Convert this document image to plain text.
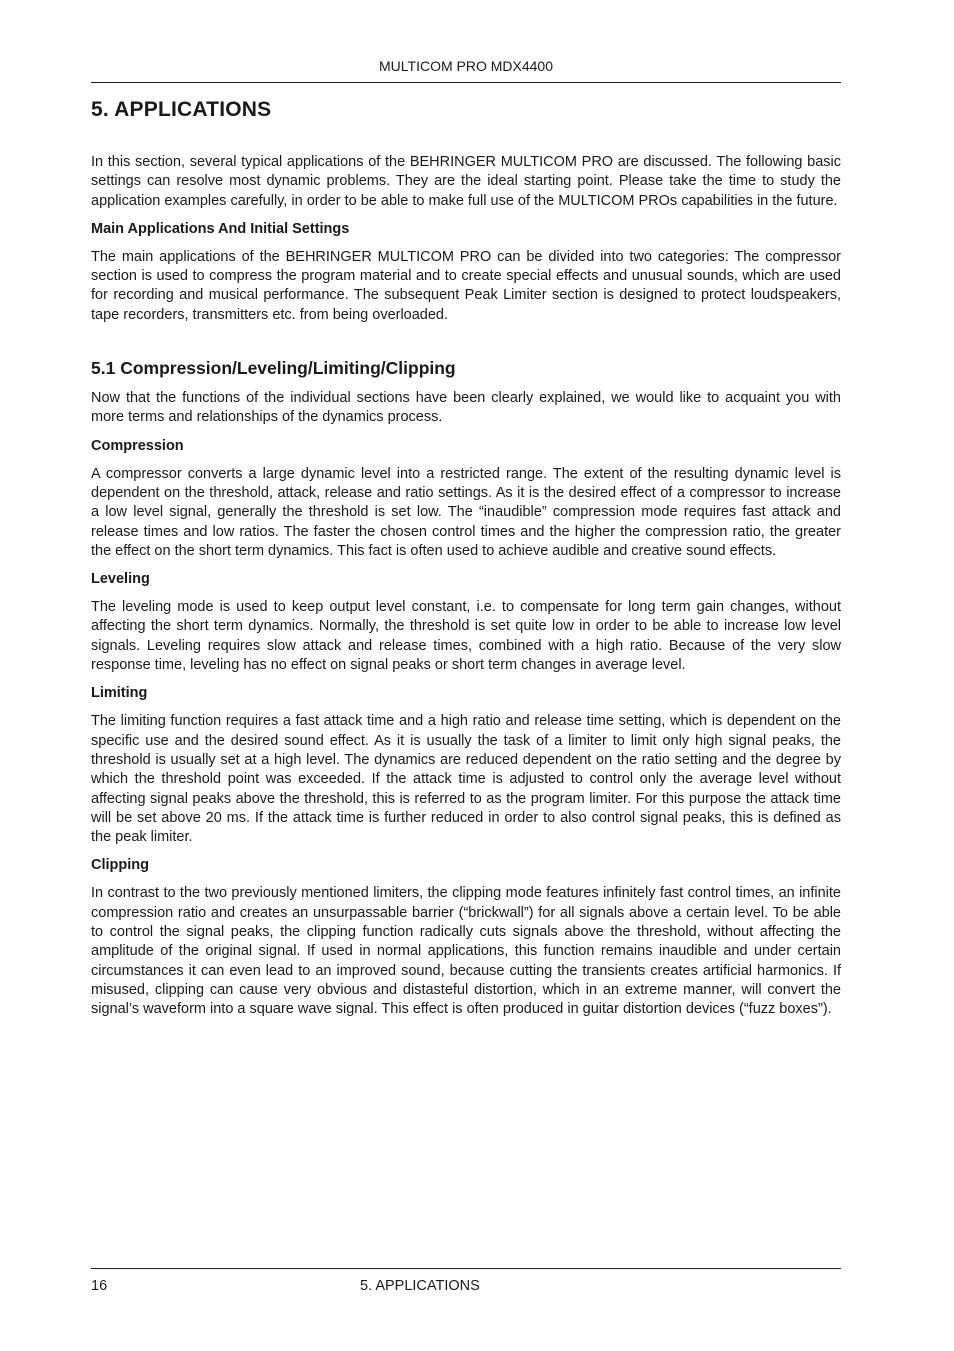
MULTICOM PRO MDX4400
5. APPLICATIONS

In this section, several typical applications of the BEHRINGER MULTICOM PRO are discussed. The following basic settings can resolve most dynamic problems. They are the ideal starting point. Please take the time to study the application examples carefully, in order to be able to make full use of the MULTICOM PROs capabilities in the future.

Main Applications And Initial Settings

The main applications of the BEHRINGER MULTICOM PRO can be divided into two categories: The compressor section is used to compress the program material and to create special effects and unusual sounds, which are used for recording and musical performance. The subsequent Peak Limiter section is designed to protect loudspeakers, tape recorders, transmitters etc. from being overloaded.

5.1 Compression/Leveling/Limiting/Clipping

Now that the functions of the individual sections have been clearly explained, we would like to acquaint you with more terms and relationships of the dynamics process.

Compression

A compressor converts a large dynamic level into a restricted range. The extent of the resulting dynamic level is dependent on the threshold, attack, release and ratio settings. As it is the desired effect of a compressor to increase a low level signal, generally the threshold is set low. The “inaudible” compression mode requires fast attack and release times and low ratios. The faster the chosen control times and the higher the compression ratio, the greater the effect on the short term dynamics. This fact is often used to achieve audible and creative sound effects.

Leveling

The leveling mode is used to keep output level constant, i.e. to compensate for long term gain changes, without affecting the short term dynamics. Normally, the threshold is set quite low in order to be able to increase low level signals. Leveling requires slow attack and release times, combined with a high ratio. Because of the very slow response time, leveling has no effect on signal peaks or short term changes in average level.

Limiting

The limiting function requires a fast attack time and a high ratio and release time setting, which is dependent on the specific use and the desired sound effect. As it is usually the task of a limiter to limit only high signal peaks, the threshold is usually set at a high level. The dynamics are reduced dependent on the ratio setting and the degree by which the threshold point was exceeded. If the attack time is adjusted to control only the average level without affecting signal peaks above the threshold, this is referred to as the program limiter. For this purpose the attack time will be set above 20 ms. If the attack time is further reduced in order to also control signal peaks, this is defined as the peak limiter.

Clipping

In contrast to the two previously mentioned limiters, the clipping mode features infinitely fast control times, an infinite compression ratio and creates an unsurpassable barrier (“brickwall”) for all signals above a certain level. To be able to control the signal peaks, the clipping function radically cuts signals above the threshold, without affecting the amplitude of the original signal. If used in normal applications, this function remains inaudible and under certain circumstances it can even lead to an improved sound, because cutting the transients creates artificial harmonics. If misused, clipping can cause very obvious and distasteful distortion, which in an extreme manner, will convert the signal’s waveform into a square wave signal. This effect is often produced in guitar distortion devices (“fuzz boxes”).

16	5. APPLICATIONS
